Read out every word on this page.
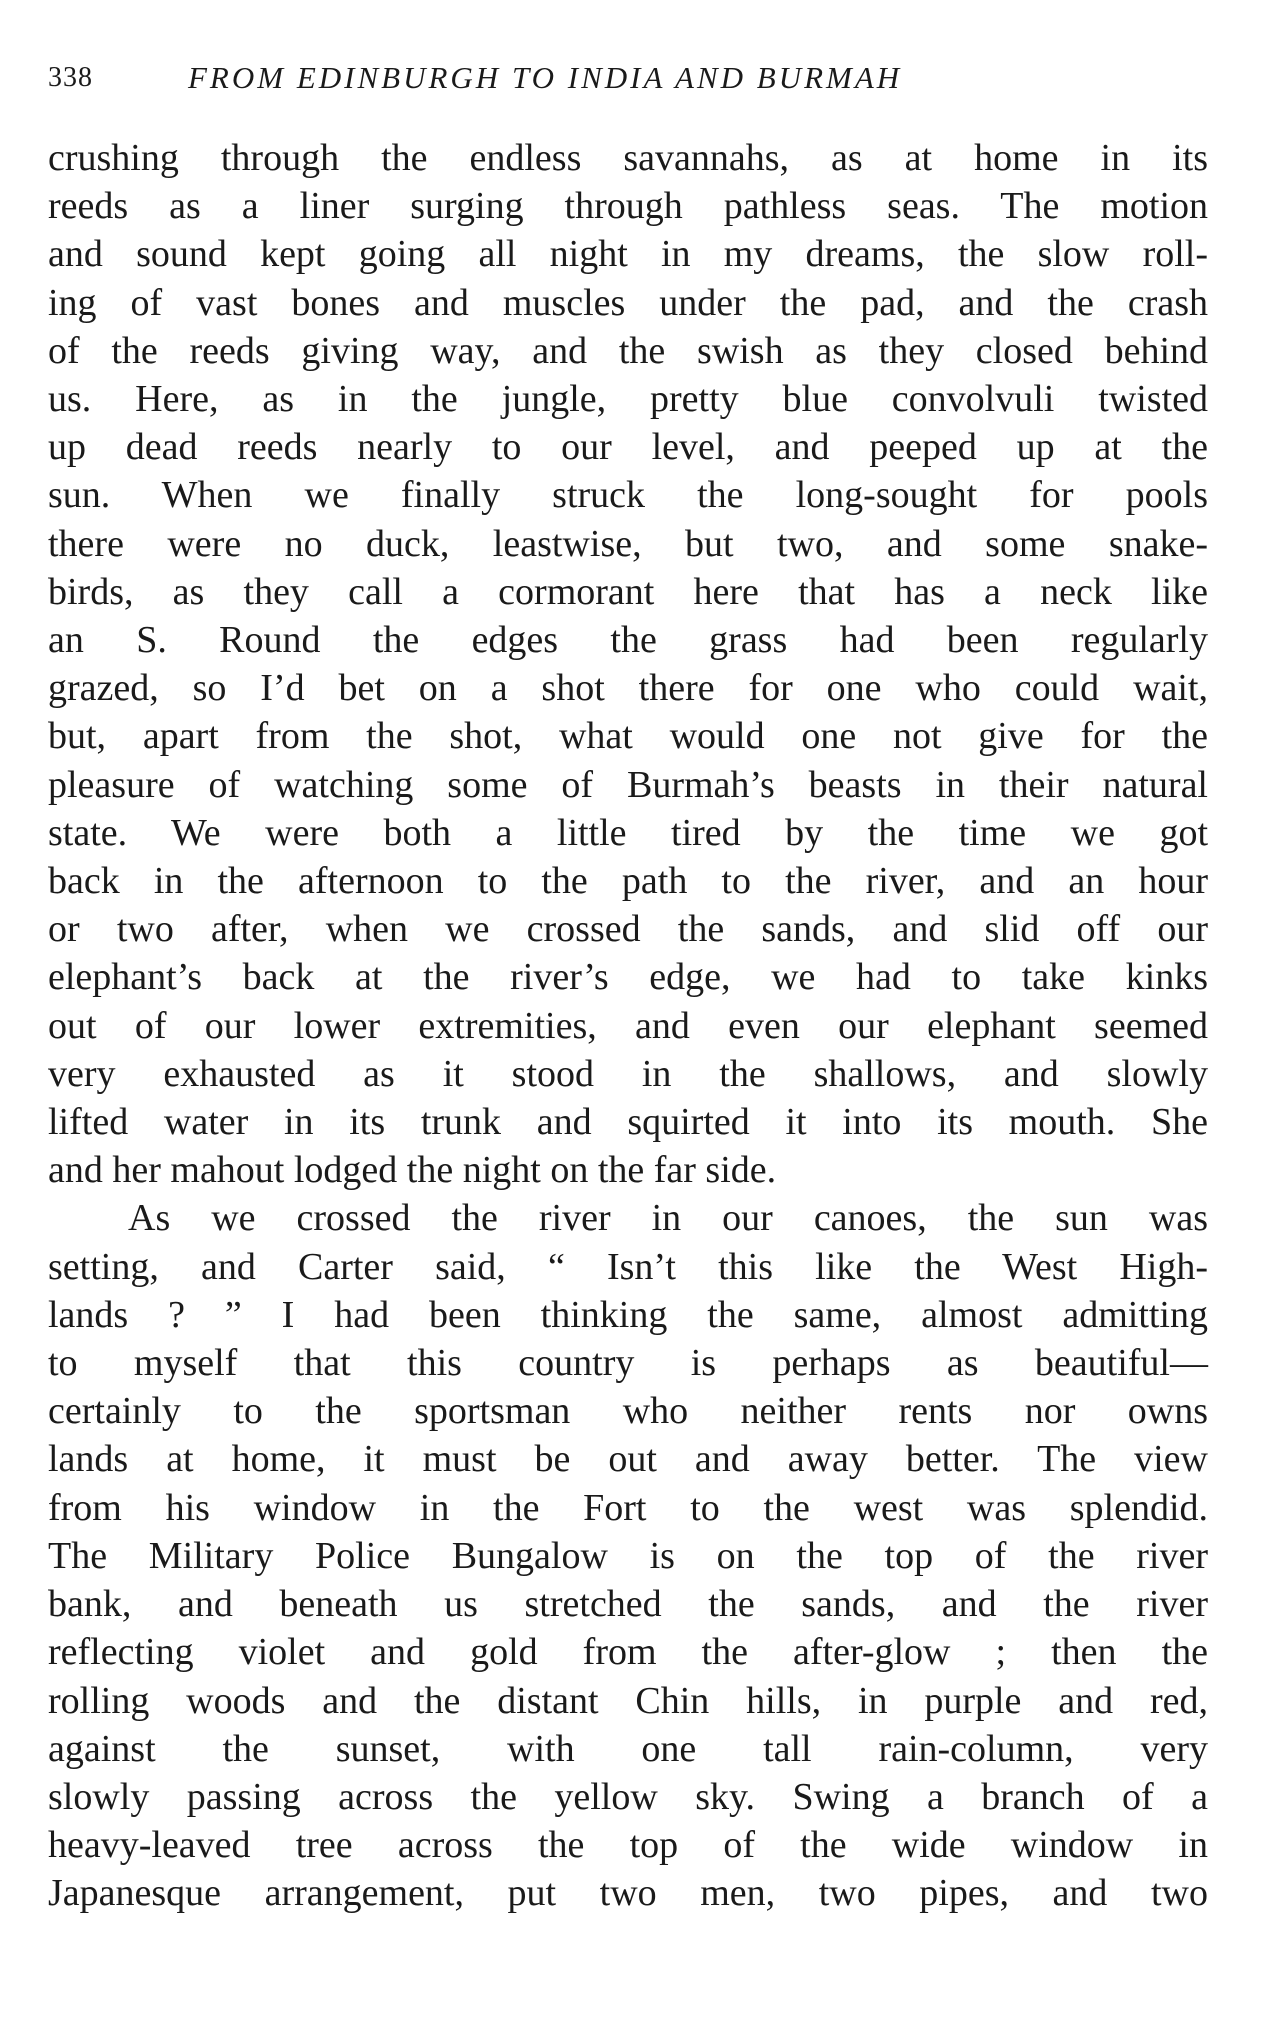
338	FROM EDINBURGH TO INDIA AND BURMAH
crushing through the endless savannahs, as at home in its
reeds as a liner surging through pathless seas. The motion
and sound kept going all night in my dreams, the slow roll-
ing of vast bones and muscles under the pad, and the crash
of the reeds giving way, and the swish as they closed behind
us. Here, as in the jungle, pretty blue convolvuli twisted
up dead reeds nearly to our level, and peeped up at the
sun. When we finally struck the long-sought for pools
there were no duck, leastwise, but two, and some snake-
birds, as they call a cormorant here that has a neck like
an S. Round the edges the grass had been regularly
grazed, so I’d bet on a shot there for one who could wait,
but, apart from the shot, what would one not give for the
pleasure of watching some of Burmah’s beasts in their natural
state. We were both a little tired by the time we got
back in the afternoon to the path to the river, and an hour
or two after, when we crossed the sands, and slid off our
elephant’s back at the river’s edge, we had to take kinks
out of our lower extremities, and even our elephant seemed
very exhausted as it stood in the shallows, and slowly
lifted water in its trunk and squirted it into its mouth. She
and her mahout lodged the night on the far side.
As we crossed the river in our canoes, the sun was
setting, and Carter said, “ Isn’t this like the West High-
lands ? ” I had been thinking the same, almost admitting
to myself that this country is perhaps as beautiful—
certainly to the sportsman who neither rents nor owns
lands at home, it must be out and away better. The view
from his window in the Fort to the west was splendid.
The Military Police Bungalow is on the top of the river
bank, and beneath us stretched the sands, and the river
reflecting violet and gold from the after-glow ; then the
rolling woods and the distant Chin hills, in purple and red,
against the sunset, with one tall rain-column, very
slowly passing across the yellow sky. Swing a branch of a
heavy-leaved tree across the top of the wide window in
Japanesque arrangement, put two men, two pipes, and two
